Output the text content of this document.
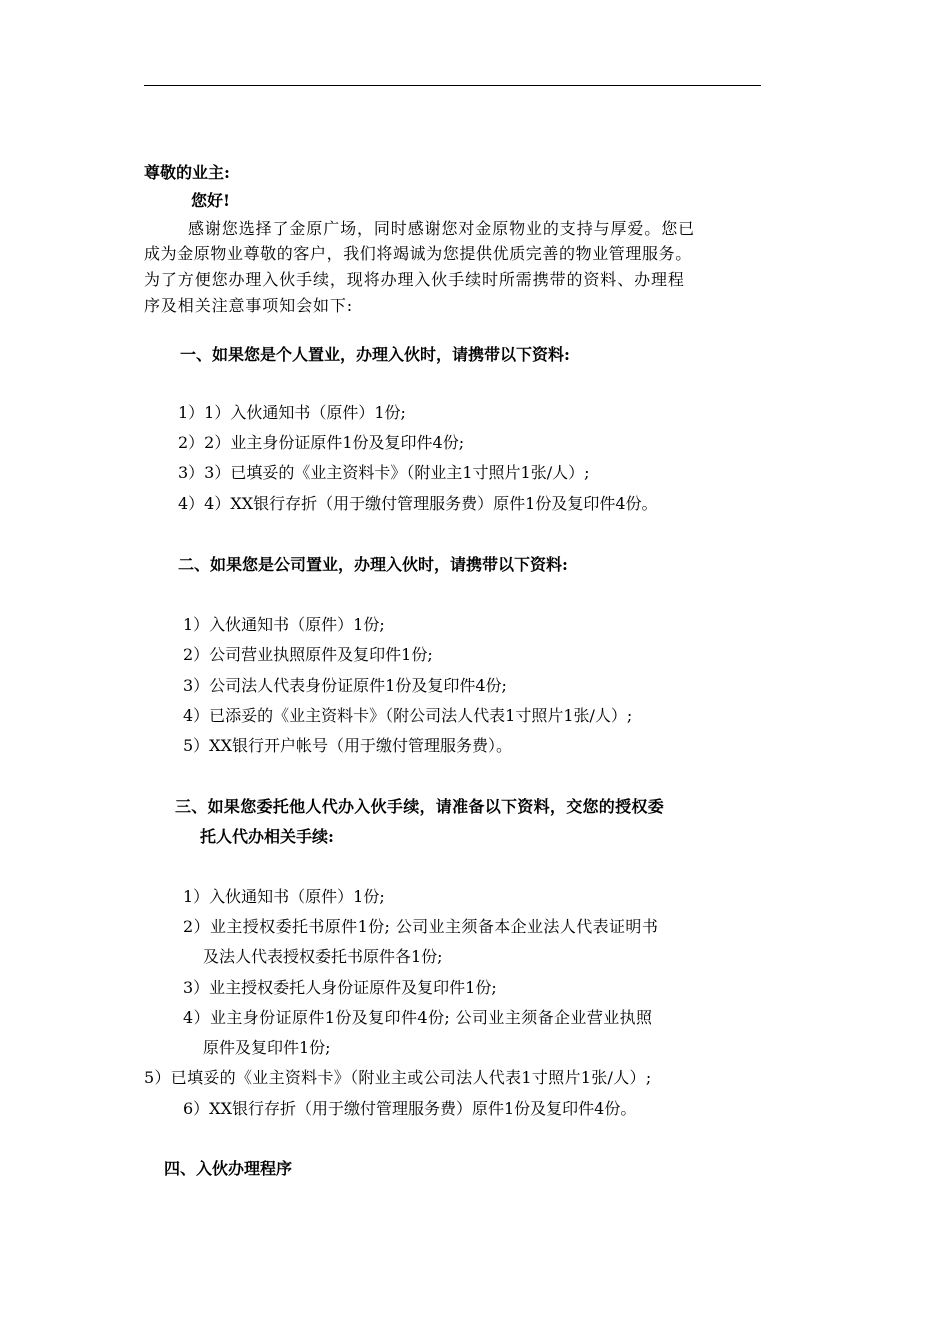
尊敬的业主:
您好!
感谢您选择了金原广场，同时感谢您对金原物业的支持与厚爱。您已
成为金原物业尊敬的客户，我们将竭诚为您提供优质完善的物业管理服务。
为了方便您办理入伙手续，现将办理入伙手续时所需携带的资料、办理程
序及相关注意事项知会如下:
一、如果您是个人置业，办理入伙时，请携带以下资料:
1）1）入伙通知书（原件）1份;
2）2）业主身份证原件1份及复印件4份;
3）3）已填妥的《业主资料卡》（附业主1寸照片1张/人）;
4）4）XX银行存折（用于缴付管理服务费）原件1份及复印件4份。
二、如果您是公司置业，办理入伙时，请携带以下资料:
1）入伙通知书（原件）1份;
2）公司营业执照原件及复印件1份;
3）公司法人代表身份证原件1份及复印件4份;
4）已添妥的《业主资料卡》（附公司法人代表1寸照片1张/人）;
5）XX银行开户帐号（用于缴付管理服务费）。
三、如果您委托他人代办入伙手续，请准备以下资料，交您的授权委
托人代办相关手续:
1）入伙通知书（原件）1份;
2）业主授权委托书原件1份; 公司业主须备本企业法人代表证明书
及法人代表授权委托书原件各1份;
3）业主授权委托人身份证原件及复印件1份;
4）业主身份证原件1份及复印件4份; 公司业主须备企业营业执照
原件及复印件1份;
5）已填妥的《业主资料卡》（附业主或公司法人代表1寸照片1张/人）;
6）XX银行存折（用于缴付管理服务费）原件1份及复印件4份。
四、入伙办理程序
